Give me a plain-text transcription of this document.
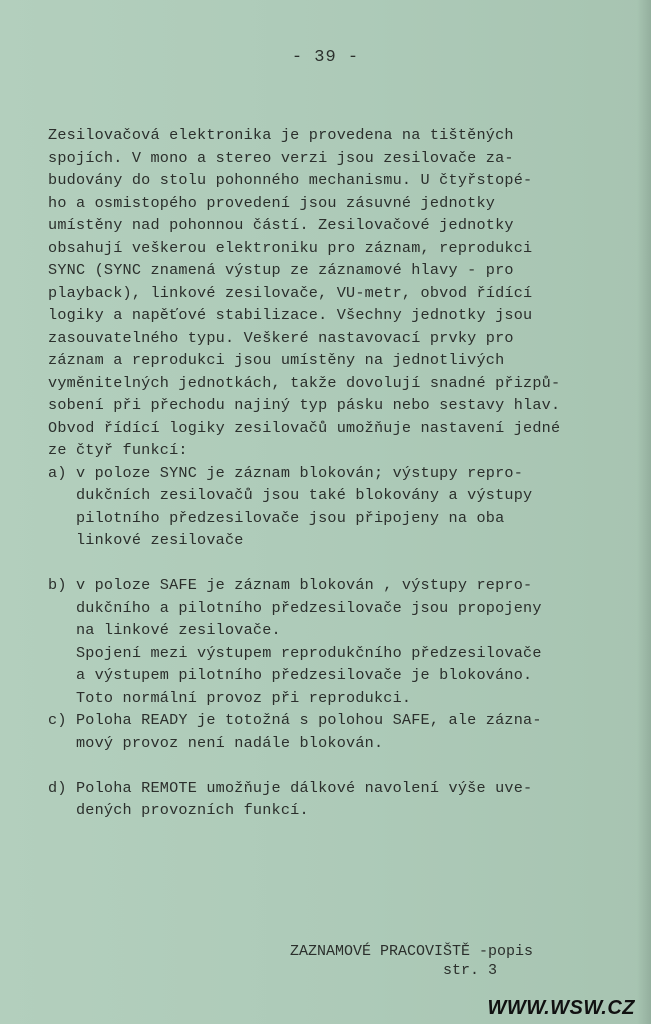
- 39 -
Zesilovačová elektronika je provedena na tištěných
spojích. V mono a stereo verzi jsou zesilovače za-
budovány do stolu pohonného mechanismu. U čtyřstopé-
ho a osmistopého provedení jsou zásuvné jednotky
umístěny nad pohonnou částí. Zesilovačové jednotky
obsahují veškerou elektroniku pro záznam, reprodukci
SYNC (SYNC znamená výstup ze záznamové hlavy - pro
playback), linkové zesilovače, VU-metr, obvod řídící
logiky a napěťové stabilizace. Všechny jednotky jsou
zasouvatelného typu. Veškeré nastavovací prvky pro
záznam a reprodukci jsou umístěny na jednotlivých
vyměnitelných jednotkách, takže dovolují snadné přizpů-
sobení při přechodu najiný typ pásku nebo sestavy hlav.
Obvod řídící logiky zesilovačů umožňuje nastavení jedné
ze čtyř funkcí:
a) v poloze SYNC je záznam blokován; výstupy repro-
dukčních zesilovačů jsou také blokovány a výstupy
pilotního předzesilovače jsou připojeny na oba
linkové zesilovače
b) v poloze SAFE je záznam blokován , výstupy repro-
dukčního a pilotního předzesilovače jsou propojeny
na linkové zesilovače.
Spojení mezi výstupem reprodukčního předzesilovače
a výstupem pilotního předzesilovače je blokováno.
Toto normální provoz při reprodukci.
c) Poloha READY je totožná s polohou SAFE, ale zázna-
mový provoz není nadále blokován.
d) Poloha REMOTE umožňuje dálkové navolení výše uve-
dených provozních funkcí.
ZAZNAMOVÉ PRACOVIŠTĚ -popis
str. 3
WWW.WSW.CZ
